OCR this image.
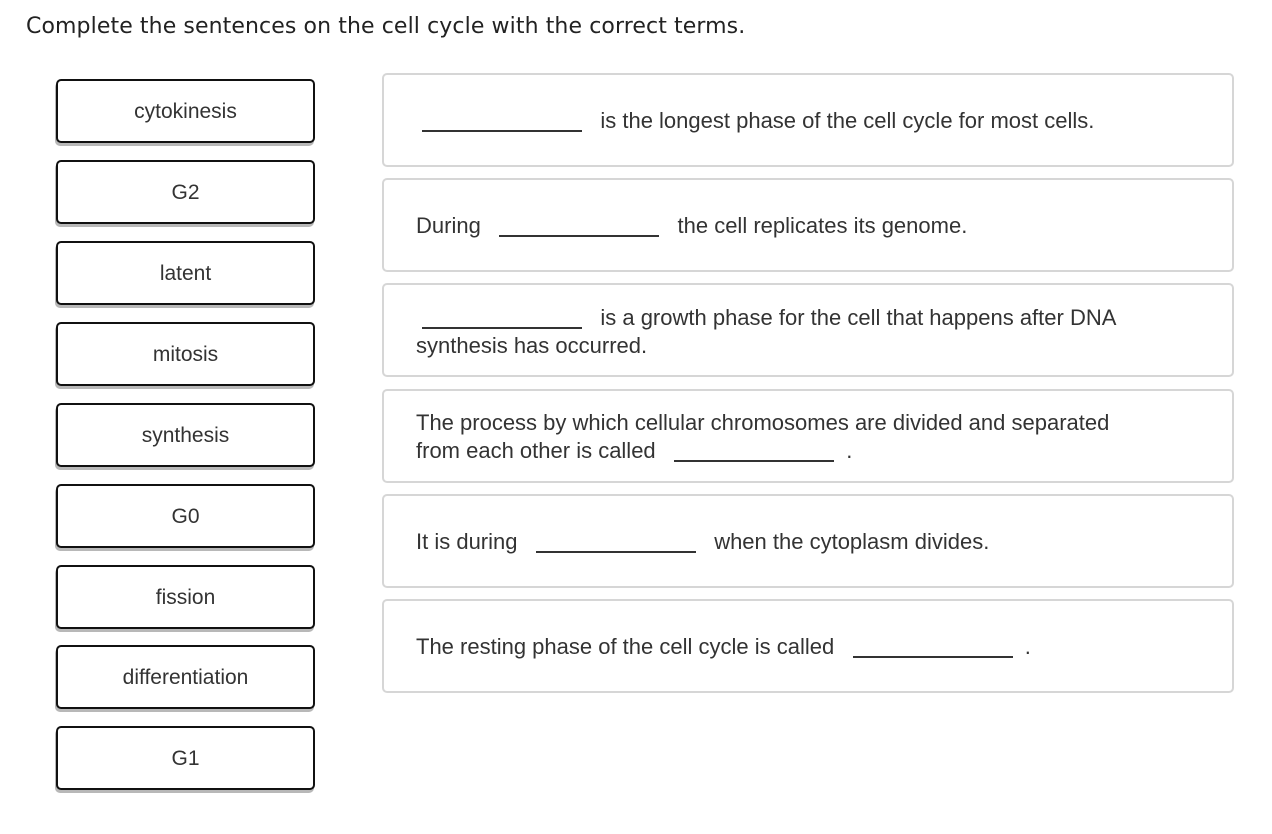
Complete the sentences on the cell cycle with the correct terms.
cytokinesis
G2
latent
mitosis
synthesis
G0
fission
differentiation
G1
is the longest phase of the cell cycle for most cells.
During	the cell replicates its genome.
is a growth phase for the cell that happens after DNA
synthesis has occurred.
The process by which cellular chromosomes are divided and separated
from each other is called	.
It is during	when the cytoplasm divides.
The resting phase of the cell cycle is called	.
